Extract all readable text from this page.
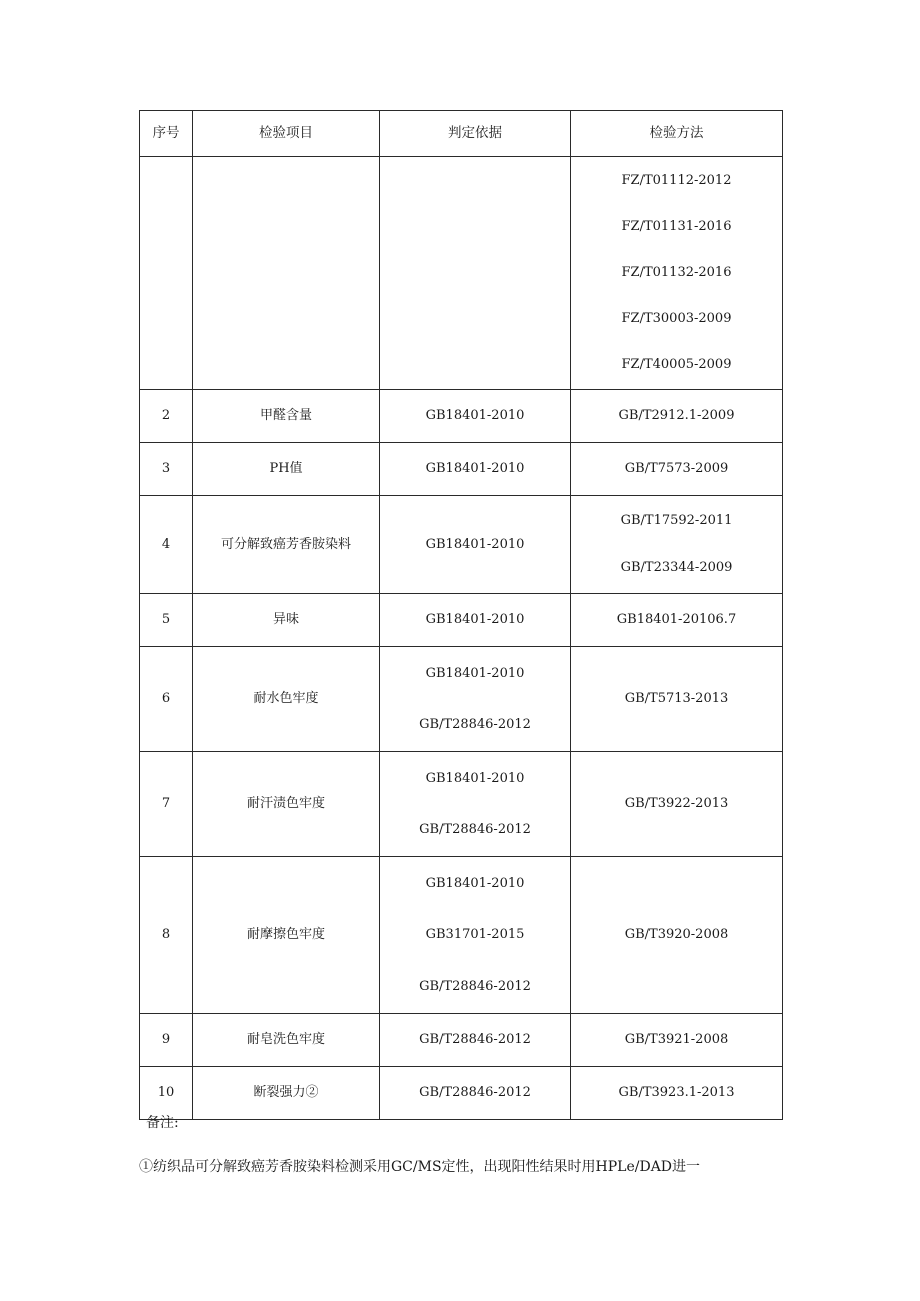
序号	检验项目	判定依据	检验方法

			FZ/T01112-2012
FZ/T01131-2016
FZ/T01132-2016
FZ/T30003-2009
FZ/T40005-2009

2	甲醛含量	GB18401-2010	GB/T2912.1-2009

3	PH值	GB18401-2010	GB/T7573-2009

4	可分解致癌芳香胺染料	GB18401-2010	GB/T17592-2011
GB/T23344-2009

5	异味	GB18401-2010	GB18401-20106.7

6	耐水色牢度	GB18401-2010
GB/T28846-2012	GB/T5713-2013

7	耐汗渍色牢度	GB18401-2010
GB/T28846-2012	GB/T3922-2013

8	耐摩擦色牢度	GB18401-2010
GB31701-2015
GB/T28846-2012	GB/T3920-2008

9	耐皂洗色牢度	GB/T28846-2012	GB/T3921-2008

10	断裂强力②	GB/T28846-2012	GB/T3923.1-2013
备注:
①纺织品可分解致癌芳香胺染料检测采用GC/MS定性，出现阳性结果时用HPLe/DAD进一
